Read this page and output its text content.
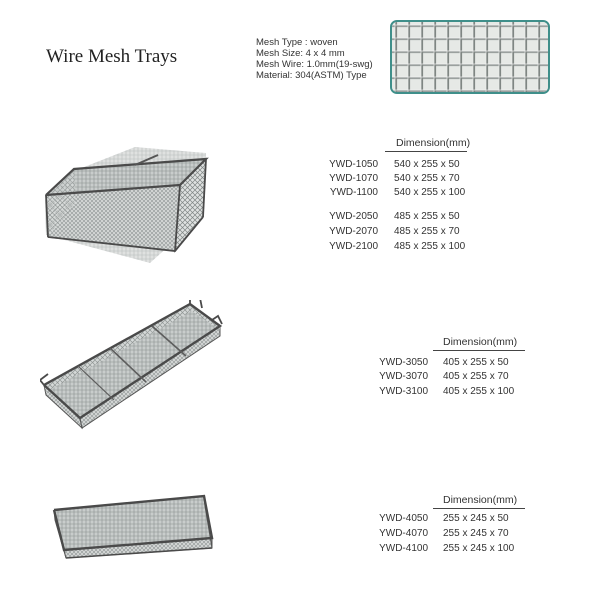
Wire Mesh Trays
Mesh Type : woven
Mesh Size: 4 x 4 mm
Mesh Wire: 1.0mm(19-swg)
Material: 304(ASTM) Type
Dimension(mm)
YWD-1050 540 x 255 x 50
YWD-1070 540 x 255 x 70
YWD-1100 540 x 255 x 100
YWD-2050 485 x 255 x 50
YWD-2070 485 x 255 x 70
YWD-2100 485 x 255 x 100
Dimension(mm)
YWD-3050 405 x 255 x 50
YWD-3070 405 x 255 x 70
YWD-3100 405 x 255 x 100
Dimension(mm)
YWD-4050 255 x 245 x 50
YWD-4070 255 x 245 x 70
YWD-4100 255 x 245 x 100
